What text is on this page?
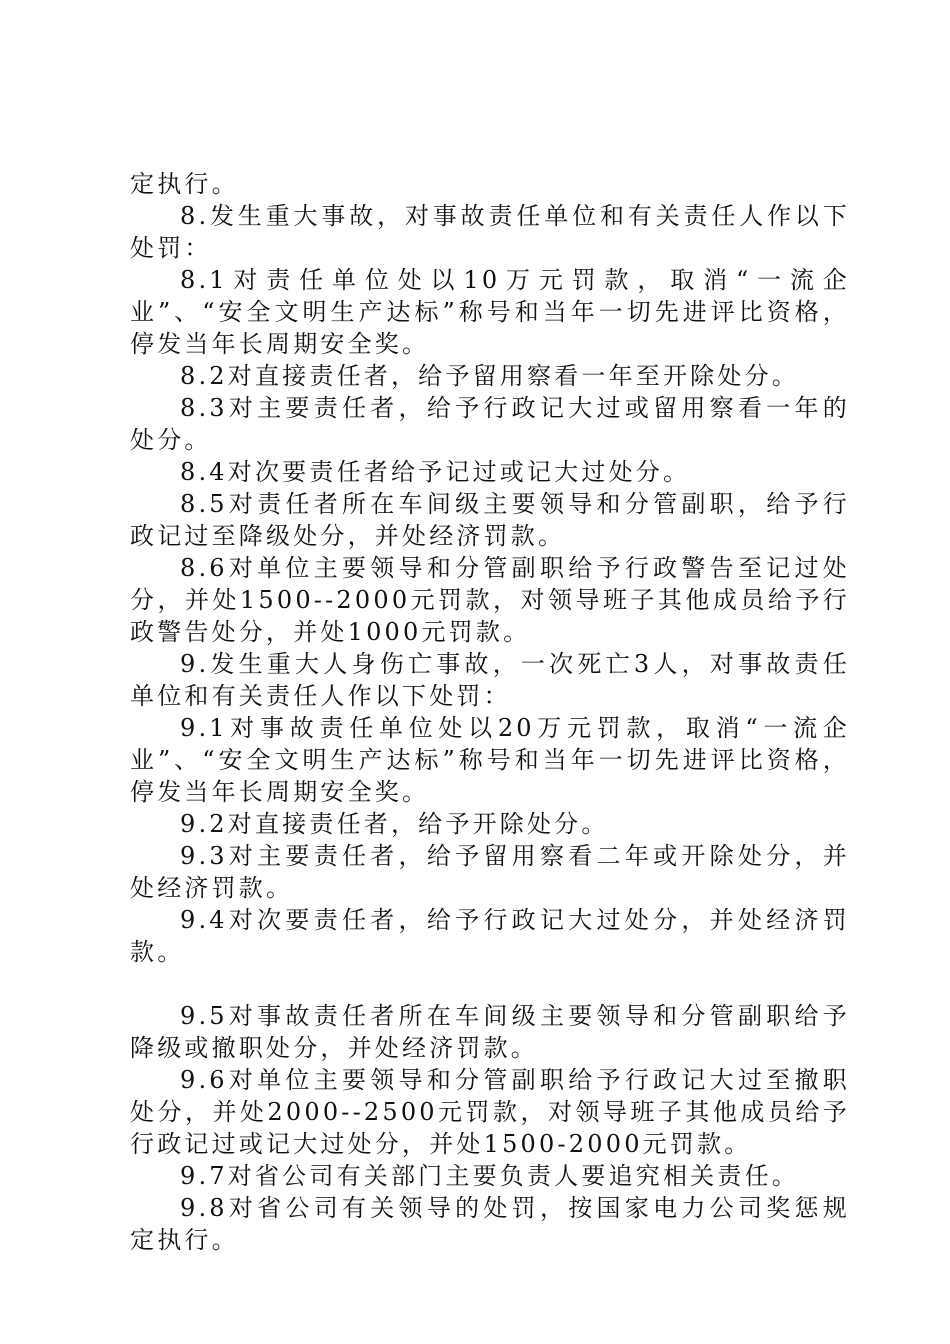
定执行。

8.发生重大事故，对事故责任单位和有关责任人作以下处罚：

8.1对责任单位处以10万元罚款，取消“一流企业”、“安全文明生产达标”称号和当年一切先进评比资格，停发当年长周期安全奖。

8.2对直接责任者，给予留用察看一年至开除处分。

8.3对主要责任者，给予行政记大过或留用察看一年的处分。

8.4对次要责任者给予记过或记大过处分。

8.5对责任者所在车间级主要领导和分管副职，给予行政记过至降级处分，并处经济罚款。

8.6对单位主要领导和分管副职给予行政警告至记过处分，并处1500--2000元罚款，对领导班子其他成员给予行政警告处分，并处1000元罚款。

9.发生重大人身伤亡事故，一次死亡3人，对事故责任单位和有关责任人作以下处罚：

9.1对事故责任单位处以20万元罚款，取消“一流企业”、“安全文明生产达标”称号和当年一切先进评比资格，停发当年长周期安全奖。

9.2对直接责任者，给予开除处分。

9.3对主要责任者，给予留用察看二年或开除处分，并处经济罚款。

9.4对次要责任者，给予行政记大过处分，并处经济罚款。

9.5对事故责任者所在车间级主要领导和分管副职给予降级或撤职处分，并处经济罚款。

9.6对单位主要领导和分管副职给予行政记大过至撤职处分，并处2000--2500元罚款，对领导班子其他成员给予行政记过或记大过处分，并处1500-2000元罚款。

9.7对省公司有关部门主要负责人要追究相关责任。

9.8对省公司有关领导的处罚，按国家电力公司奖惩规定执行。
